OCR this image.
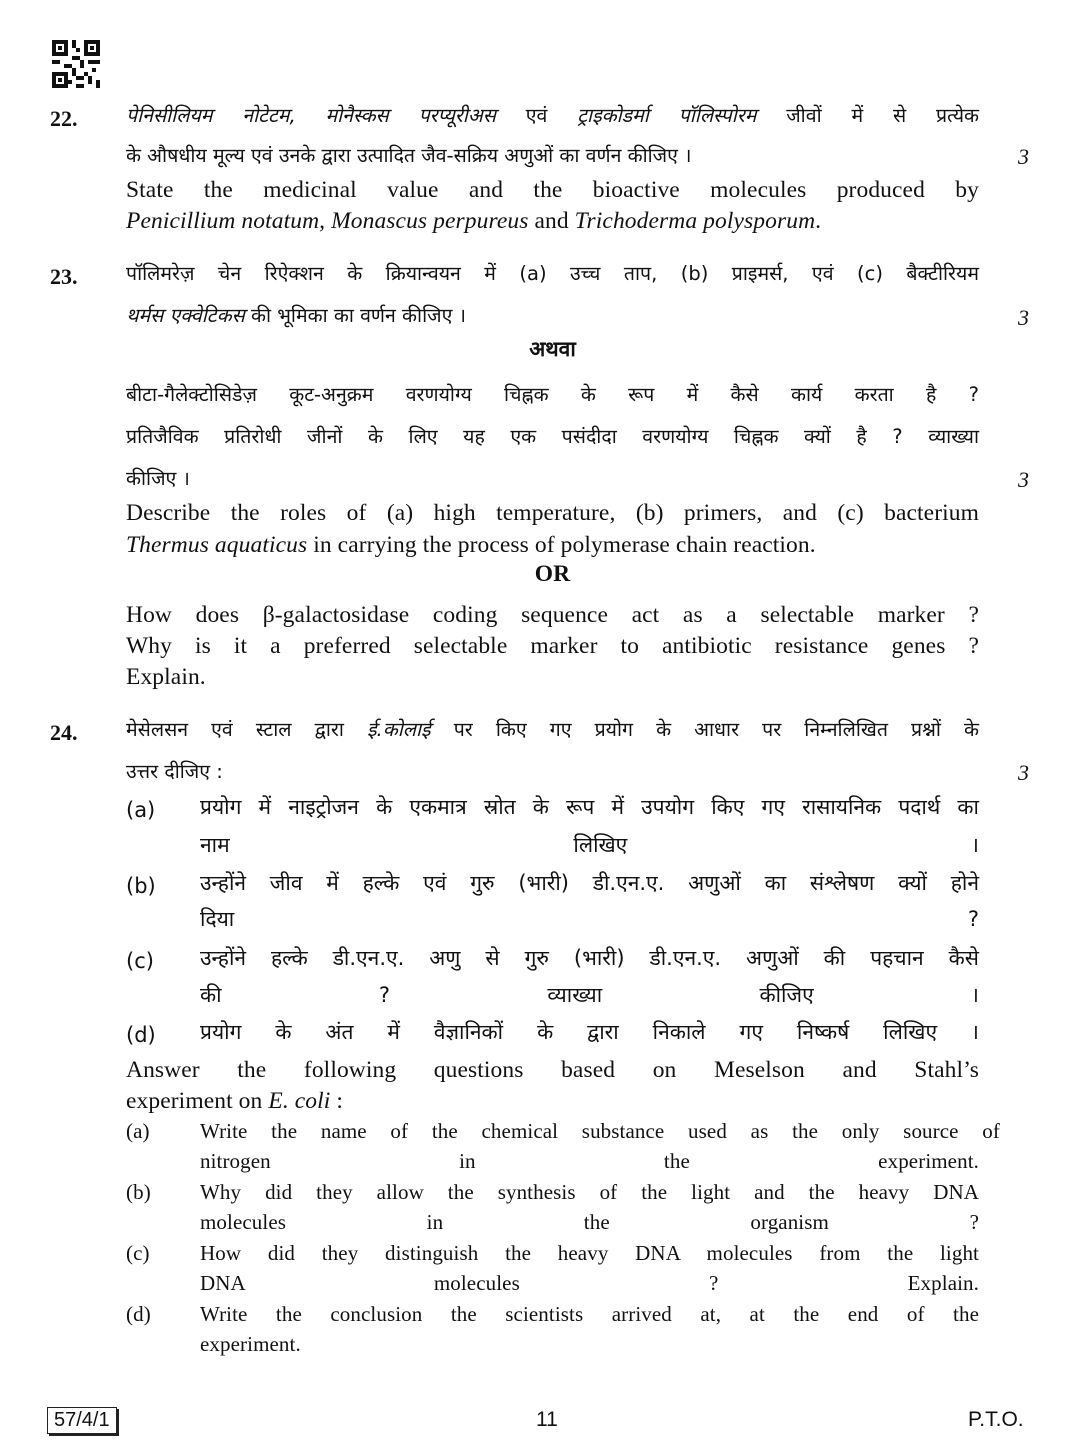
22. पेनिसीलियम नोटेटम, मोनैस्कस परप्यूरीअस एवं ट्राइकोडर्मा पॉलिस्पोरम जीवों में से प्रत्येक
के औषधीय मूल्य एवं उनके द्वारा उत्पादित जैव-सक्रिय अणुओं का वर्णन कीजिए ।	3
State the medicinal value and the bioactive molecules produced by
Penicillium notatum, Monascus perpureus and Trichoderma polysporum.
23. पॉलिमरेज़ चेन रिऐक्शन के क्रियान्वयन में (a) उच्च ताप, (b) प्राइमर्स, एवं (c) बैक्टीरियम
थर्मस एक्वेटिकस की भूमिका का वर्णन कीजिए ।	3
अथवा
बीटा-गैलेक्टोसिडेज़ कूट-अनुक्रम वरणयोग्य चिह्नक के रूप में कैसे कार्य करता है ?
प्रतिजैविक प्रतिरोधी जीनों के लिए यह एक पसंदीदा वरणयोग्य चिह्नक क्यों है ? व्याख्या
कीजिए ।	3
Describe the roles of (a) high temperature, (b) primers, and (c) bacterium
Thermus aquaticus in carrying the process of polymerase chain reaction.
OR
How does β-galactosidase coding sequence act as a selectable marker ?
Why is it a preferred selectable marker to antibiotic resistance genes ?
Explain.
24. मेसेलसन एवं स्टाल द्वारा ई.कोलाई पर किए गए प्रयोग के आधार पर निम्नलिखित प्रश्नों के
उत्तर दीजिए :	3
(a) प्रयोग में नाइट्रोजन के एकमात्र स्रोत के रूप में उपयोग किए गए रासायनिक पदार्थ का
नाम लिखिए ।
(b) उन्होंने जीव में हल्के एवं गुरु (भारी) डी.एन.ए. अणुओं का संश्लेषण क्यों होने
दिया ?
(c) उन्होंने हल्के डी.एन.ए. अणु से गुरु (भारी) डी.एन.ए. अणुओं की पहचान कैसे
की ? व्याख्या कीजिए ।
(d) प्रयोग के अंत में वैज्ञानिकों के द्वारा निकाले गए निष्कर्ष लिखिए ।
Answer the following questions based on Meselson and Stahl’s
experiment on E. coli :
(a) Write the name of the chemical substance used as the only source of
nitrogen in the experiment.
(b) Why did they allow the synthesis of the light and the heavy DNA
molecules in the organism ?
(c) How did they distinguish the heavy DNA molecules from the light
DNA molecules ? Explain.
(d) Write the conclusion the scientists arrived at, at the end of the
experiment.
57/4/1	11	P.T.O.
